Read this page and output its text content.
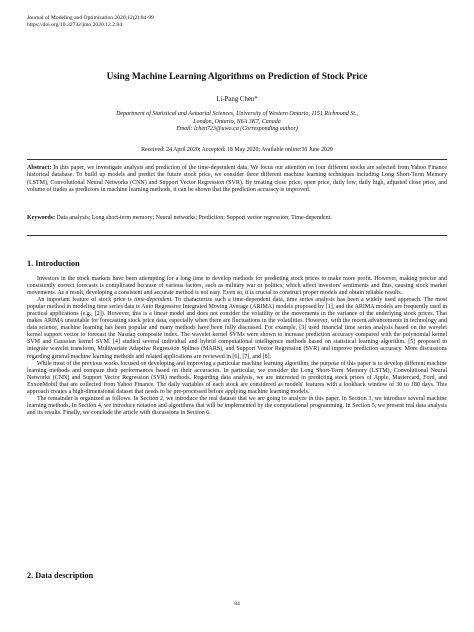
Journal of Modeling and Optimization 2020;12(2):84-99
https://doi.org/10.32732/jmo.2020.12.2.84
Using Machine Learning Algorithms on Prediction of Stock Price
Li-Pang Chen*
Department of Statistical and Actuarial Sciences, University of Western Ontario, 1151 Richmond St.,
London, Ontario, N6A 3K7, Canada
Email: lchen723@uwo.ca (Corresponding author)
Received: 24 April 2020; Accepted: 18 May 2020; Available online:30 June 2020
Abstract: In this paper, we investigate analysis and prediction of the time-dependent data. We focus our attention on four different stocks are selected from Yahoo Finance historical database. To build up models and predict the future stock price, we consider three different machine learning techniques including Long Short-Term Memory (LSTM), Convolutional Neural Networks (CNN) and Support Vector Regression (SVR). By treating close price, open price, daily low, daily high, adjusted close price, and volume of trades as predictors in machine learning methods, it can be shown that the prediction accuracy is improved.
Keywords: Data analysis; Long short-term memory; Neural networks; Prediction; Support vector regression; Time-dependent.
1. Introduction

Investors in the stock markets have been attempting for a long time to develop methods for predicting stock prices to make more profit. However, making precise and consistently correct forecasts is complicated because of various factors, such as military war or politics, which affect investors' sentiments and thus, causing stock market movements. As a result, developing a consistent and accurate method is not easy. Even so, it is crucial to construct proper models and obtain reliable results.

An important feature of stock price is time-dependent. To characterize such a time-dependent data, time series analysis has been a widely used approach. The most popular method in modeling time series data is Auto Regressive Integrated Moving Average (ARIMA) models proposed by [1], and the ARIMA models are frequently used in practical applications (e.g., [2]). However, this is a linear model and does not consider the volatility or the movements in the variance of the underlying stock prices. That makes ARIMA unsuitable for forecasting stock price data, especially when there are fluctuations in the volatilities. However, with the recent advancements in technology and data science, machine learning has been popular and many methods have been fully discussed. For example, [3] used financial time series analysis based on the wavelet kernel support vector to forecast the Nasdaq composite index. The wavelet kernel SVMs were shown to increase prediction accuracy compared with the polynomial kernel SVM and Gaussian kernel SVM. [4] studied several individual and hybrid computational intelligence methods based on statistical learning algorithm. [5] proposed to integrate wavelet transform, Multivariate Adaptive Regression Splines (MARS), and Support Vector Regression (SVR) and improve prediction accuracy. More discussions regarding general machine learning methods and related applications are reviewed in [6], [7], and [8].

While most of the previous works focused on developing and improving a particular machine learning algorithm, the purpose of this paper is to develop different machine learning methods and compare their performances based on their accuracies. In particular, we consider the Long Short-Term Memory (LSTM), Convolutional Neural Networks (CNN) and Support Vector Regression (SVR) methods. Regarding data analysis, we are interested in predicting stock prices of Apple, Mastercard, Ford, and ExxonMobil that are collected from Yahoo Finance. The daily variables of each stock are considered as models' features with a lookback window of 30 to 180 days. This approach creates a high-dimensional dataset that needs to be pre-processed before applying machine learning models.

The remainder is organized as follows. In Section 2, we introduce the real dataset that we are going to analyze in this paper. In Section 3, we introduce several machine learning methods. In Section 4, we introduce notation and algorithms that will be implemented by the computational programming. In Section 5, we present real data analysis and its results. Finally, we conclude the article with discussions in Section 6.

2. Data description
84
